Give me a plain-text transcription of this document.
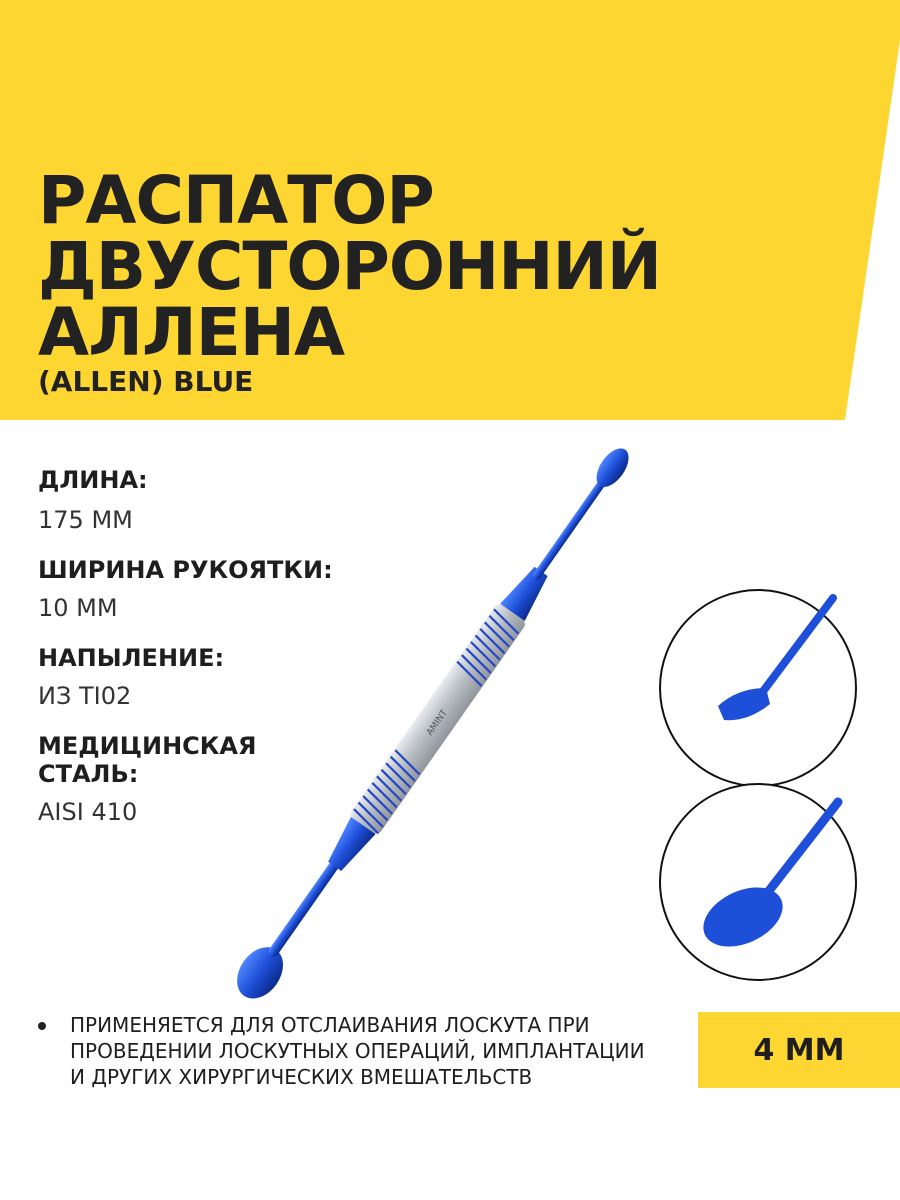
РАСПАТОР
ДВУСТОРОННИЙ
АЛЛЕНА
(ALLEN) BLUE
ДЛИНА:
175 ММ
ШИРИНА РУКОЯТКИ:
10 ММ
НАПЫЛЕНИЕ:
ИЗ TI02
МЕДИЦИНСКАЯ СТАЛЬ:
AISI 410
AMINT

ПРИМЕНЯЕТСЯ ДЛЯ ОТСЛАИВАНИЯ ЛОСКУТА ПРИ ПРОВЕДЕНИИ ЛОСКУТНЫХ ОПЕРАЦИЙ, ИМПЛАНТАЦИИ И ДРУГИХ ХИРУРГИЧЕСКИХ ВМЕШАТЕЛЬСТВ

4 ММ
